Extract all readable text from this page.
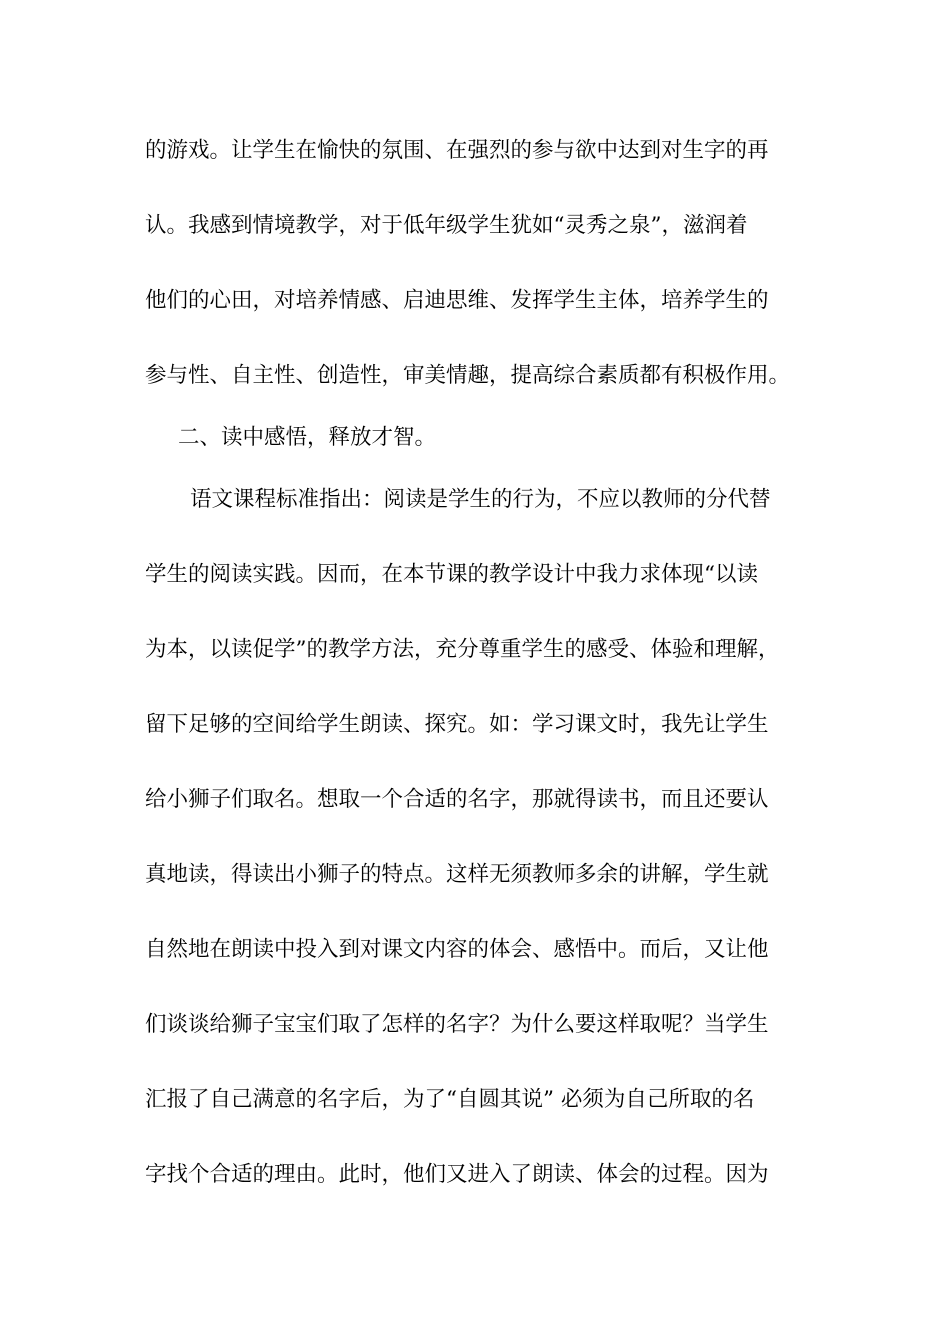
的游戏。让学生在愉快的氛围、在强烈的参与欲中达到对生字的再
认。我感到情境教学，对于低年级学生犹如“灵秀之泉”，滋润着
他们的心田，对培养情感、启迪思维、发挥学生主体，培养学生的
参与性、自主性、创造性，审美情趣，提高综合素质都有积极作用。
二、读中感悟，释放才智。
语文课程标准指出：阅读是学生的行为，不应以教师的分代替
学生的阅读实践。因而，在本节课的教学设计中我力求体现“以读
为本，以读促学”的教学方法，充分尊重学生的感受、体验和理解，
留下足够的空间给学生朗读、探究。如：学习课文时，我先让学生
给小狮子们取名。想取一个合适的名字，那就得读书，而且还要认
真地读，得读出小狮子的特点。这样无须教师多余的讲解，学生就
自然地在朗读中投入到对课文内容的体会、感悟中。而后，又让他
们谈谈给狮子宝宝们取了怎样的名字？为什么要这样取呢？当学生
汇报了自己满意的名字后，为了“自圆其说” 必须为自己所取的名
字找个合适的理由。此时，他们又进入了朗读、体会的过程。因为
